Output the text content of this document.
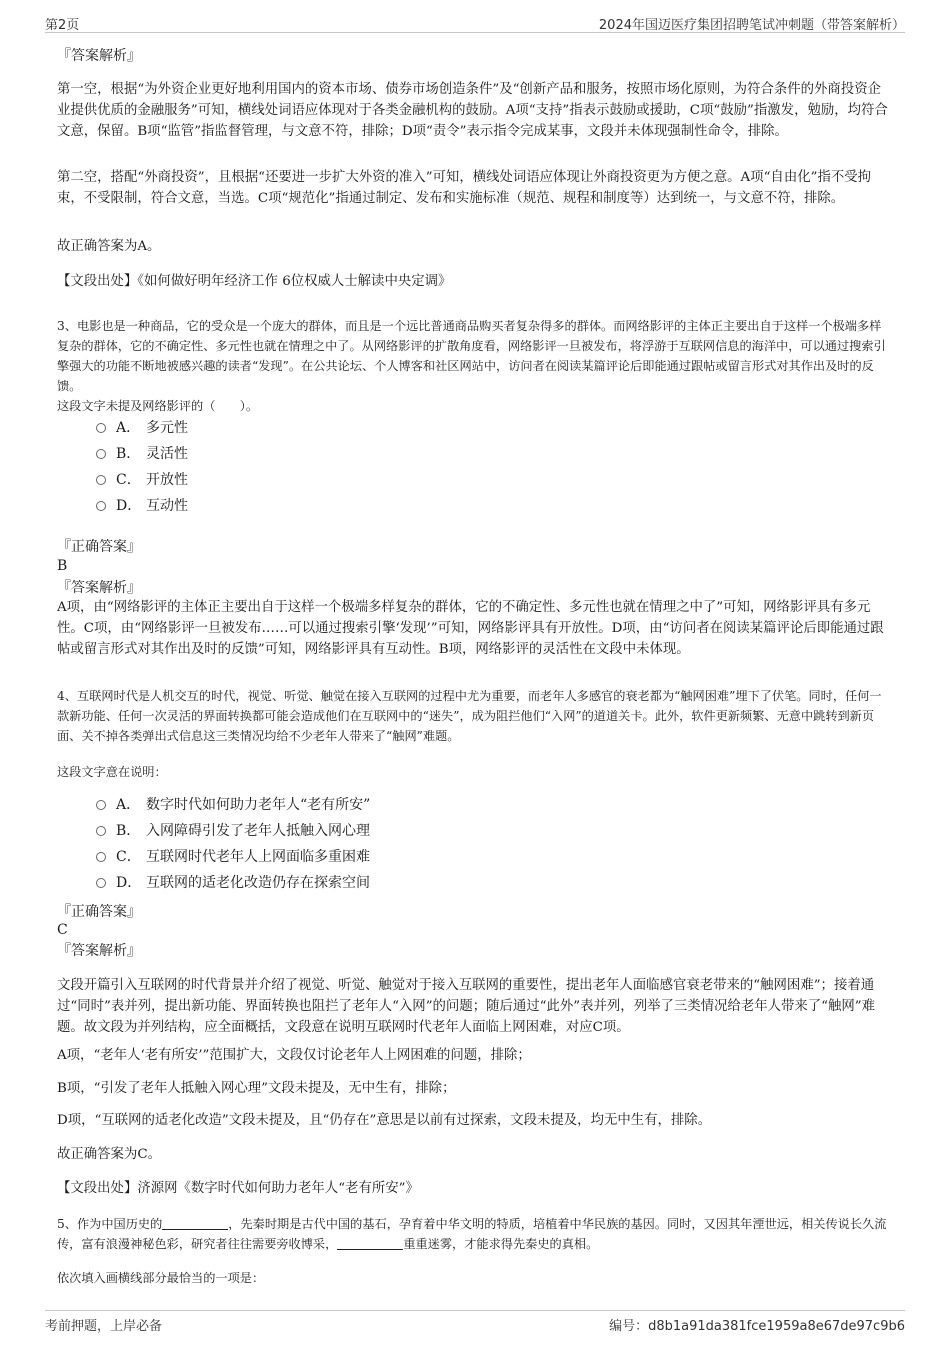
第2页	2024年国迈医疗集团招聘笔试冲刺题（带答案解析）
『答案解析』

第一空，根据“为外资企业更好地利用国内的资本市场、债券市场创造条件”及“创新产品和服务，按照市场化原则，为符合条件的外商投资企业提供优质的金融服务”可知，横线处词语应体现对于各类金融机构的鼓励。A项“支持”指表示鼓励或援助，C项“鼓励”指激发，勉励，均符合文意，保留。B项“监管”指监督管理，与文意不符，排除；D项“责令”表示指令完成某事，文段并未体现强制性命令，排除。

第二空，搭配“外商投资”，且根据“还要进一步扩大外资的准入”可知，横线处词语应体现让外商投资更为方便之意。A项“自由化”指不受拘束，不受限制，符合文意，当选。C项“规范化”指通过制定、发布和实施标准（规范、规程和制度等）达到统一，与文意不符，排除。

故正确答案为A。

【文段出处】《如何做好明年经济工作 6位权威人士解读中央定调》

3、电影也是一种商品，它的受众是一个庞大的群体，而且是一个远比普通商品购买者复杂得多的群体。而网络影评的主体正主要出自于这样一个极端多样复杂的群体，它的不确定性、多元性也就在情理之中了。从网络影评的扩散角度看，网络影评一旦被发布，将浮游于互联网信息的海洋中，可以通过搜索引擎强大的功能不断地被感兴趣的读者“发现”。在公共论坛、个人博客和社区网站中，访问者在阅读某篇评论后即能通过跟帖或留言形式对其作出及时的反馈。

这段文字未提及网络影评的（　　）。

A． 多元性
B． 灵活性
C． 开放性
D． 互动性
『正确答案』
B
『答案解析』

A项，由“网络影评的主体正主要出自于这样一个极端多样复杂的群体，它的不确定性、多元性也就在情理之中了”可知，网络影评具有多元性。C项，由“网络影评一旦被发布……可以通过搜索引擎‘发现’”可知，网络影评具有开放性。D项，由“访问者在阅读某篇评论后即能通过跟帖或留言形式对其作出及时的反馈”可知，网络影评具有互动性。B项，网络影评的灵活性在文段中未体现。

4、互联网时代是人机交互的时代，视觉、听觉、触觉在接入互联网的过程中尤为重要，而老年人多感官的衰老都为“触网困难”埋下了伏笔。同时，任何一款新功能、任何一次灵活的界面转换都可能会造成他们在互联网中的“迷失”，成为阻拦他们“入网”的道道关卡。此外，软件更新频繁、无意中跳转到新页面、关不掉各类弹出式信息这三类情况均给不少老年人带来了“触网”难题。

这段文字意在说明：

A． 数字时代如何助力老年人“老有所安”
B． 入网障碍引发了老年人抵触入网心理
C． 互联网时代老年人上网面临多重困难
D． 互联网的适老化改造仍存在探索空间
『正确答案』
C
『答案解析』

文段开篇引入互联网的时代背景并介绍了视觉、听觉、触觉对于接入互联网的重要性，提出老年人面临感官衰老带来的“触网困难”；接着通过“同时”表并列，提出新功能、界面转换也阻拦了老年人“入网”的问题；随后通过“此外”表并列，列举了三类情况给老年人带来了“触网”难题。故文段为并列结构，应全面概括，文段意在说明互联网时代老年人面临上网困难，对应C项。

A项，“老年人‘老有所安’”范围扩大，文段仅讨论老年人上网困难的问题，排除；

B项，“引发了老年人抵触入网心理”文段未提及，无中生有，排除；

D项，“互联网的适老化改造”文段未提及，且“仍存在”意思是以前有过探索，文段未提及，均无中生有，排除。

故正确答案为C。

【文段出处】济源网《数字时代如何助力老年人“老有所安”》

5、作为中国历史的	，先秦时期是古代中国的基石，孕育着中华文明的特质，培植着中华民族的基因。同时，又因其年湮世远，相关传说长久流传，富有浪漫神秘色彩，研究者往往需要旁收博采，	重重迷雾，才能求得先秦史的真相。

依次填入画横线部分最恰当的一项是：

考前押题，上岸必备	编号：d8b1a91da381fce1959a8e67de97c9b6
